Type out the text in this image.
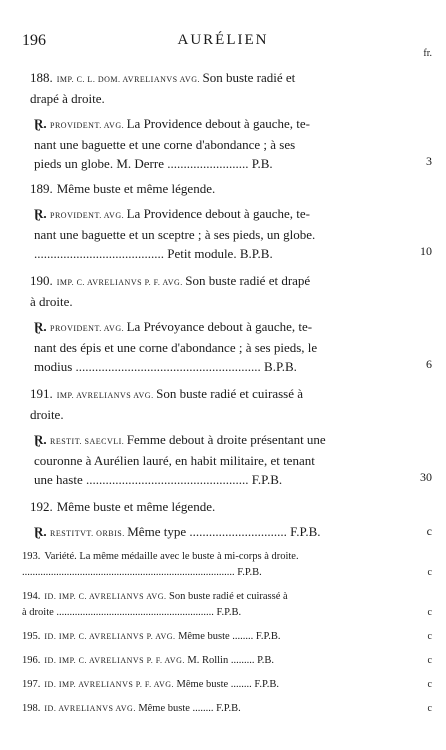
196	AURÉLIEN
fr.
188. IMP. C. L. DOM. AVRELIANVS AVG. Son buste radié et
drapé à droite.
Ɽ. PROVIDENT. AVG. La Providence debout à gauche, te-
nant une baguette et une corne d'abondance ; à ses
pieds un globe. M. Derre ......................... P.B.	3
189. Même buste et même légende.
Ɽ. PROVIDENT. AVG. La Providence debout à gauche, te-
nant une baguette et un sceptre ; à ses pieds, un globe.
........................................ Petit module. B.P.B.	10
190. IMP. C. AVRELIANVS P. F. AVG. Son buste radié et drapé
à droite.
Ɽ. PROVIDENT. AVG. La Prévoyance debout à gauche, te-
nant des épis et une corne d'abondance ; à ses pieds, le
modius ......................................................... B.P.B.	6
191. IMP. AVRELIANVS AVG. Son buste radié et cuirassé à
droite.
Ɽ. RESTIT. SAECVLI. Femme debout à droite présentant une
couronne à Aurélien lauré, en habit militaire, et tenant
une haste .................................................. F.P.B.	30
192. Même buste et même légende.
Ɽ. RESTITVT. ORBIS. Même type .............................. F.P.B.	c
193. Variété. La même médaille avec le buste à mi-corps à droite.
................................................................................. F.P.B.	c
194. ID. IMP. C. AVRELIANVS AVG. Son buste radié et cuirassé à
à droite ............................................................ F.P.B.	c
195. ID. IMP. C. AVRELIANVS P. AVG. Même buste ........ F.P.B.	c
196. ID. IMP. C. AVRELIANVS P. F. AVG. M. Rollin ......... P.B.	c
197. ID. IMP. AVRELIANVS P. F. AVG. Même buste ........ F.P.B.	c
198. ID. AVRELIANVS AVG. Même buste ........ F.P.B.	c
